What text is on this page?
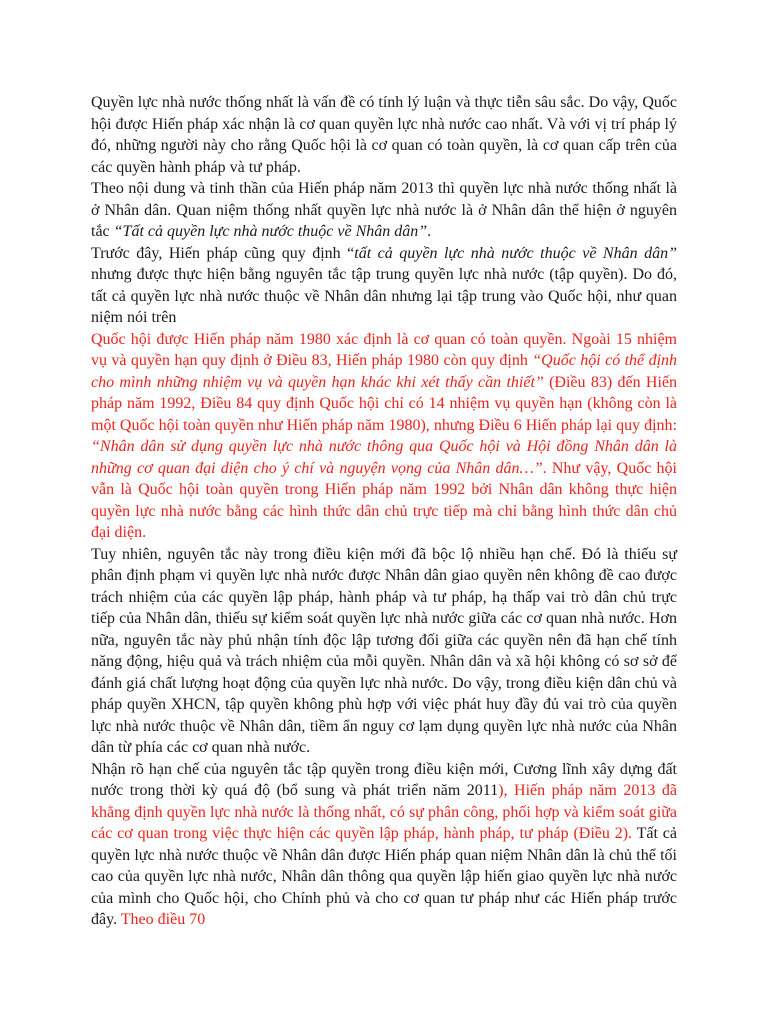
Quyền lực nhà nước thống nhất là vấn đề có tính lý luận và thực tiễn sâu sắc. Do vậy, Quốc hội được Hiến pháp xác nhận là cơ quan quyền lực nhà nước cao nhất. Và với vị trí pháp lý đó, những người này cho rằng Quốc hội là cơ quan có toàn quyền, là cơ quan cấp trên của các quyền hành pháp và tư pháp.

Theo nội dung và tinh thần của Hiến pháp năm 2013 thì quyền lực nhà nước thống nhất là ở Nhân dân. Quan niệm thống nhất quyền lực nhà nước là ở Nhân dân thể hiện ở nguyên tắc “Tất cả quyền lực nhà nước thuộc về Nhân dân”.

Trước đây, Hiến pháp cũng quy định “tất cả quyền lực nhà nước thuộc về Nhân dân” nhưng được thực hiện bằng nguyên tắc tập trung quyền lực nhà nước (tập quyền). Do đó, tất cả quyền lực nhà nước thuộc về Nhân dân nhưng lại tập trung vào Quốc hội, như quan niệm nói trên

Quốc hội được Hiến pháp năm 1980 xác định là cơ quan có toàn quyền. Ngoài 15 nhiệm vụ và quyền hạn quy định ở Điều 83, Hiến pháp 1980 còn quy định “Quốc hội có thể định cho mình những nhiệm vụ và quyền hạn khác khi xét thấy cần thiết” (Điều 83) đến Hiến pháp năm 1992, Điều 84 quy định Quốc hội chỉ có 14 nhiệm vụ quyền hạn (không còn là một Quốc hội toàn quyền như Hiến pháp năm 1980), nhưng Điều 6 Hiến pháp lại quy định: “Nhân dân sử dụng quyền lực nhà nước thông qua Quốc hội và Hội đồng Nhân dân là những cơ quan đại diện cho ý chí và nguyện vọng của Nhân dân…”. Như vậy, Quốc hội vẫn là Quốc hội toàn quyền trong Hiến pháp năm 1992 bởi Nhân dân không thực hiện quyền lực nhà nước bằng các hình thức dân chủ trực tiếp mà chỉ bằng hình thức dân chủ đại diện.

Tuy nhiên, nguyên tắc này trong điều kiện mới đã bộc lộ nhiều hạn chế. Đó là thiếu sự phân định phạm vi quyền lực nhà nước được Nhân dân giao quyền nên không đề cao được trách nhiệm của các quyền lập pháp, hành pháp và tư pháp, hạ thấp vai trò dân chủ trực tiếp của Nhân dân, thiếu sự kiểm soát quyền lực nhà nước giữa các cơ quan nhà nước. Hơn nữa, nguyên tắc này phủ nhận tính độc lập tương đối giữa các quyền nên đã hạn chế tính năng động, hiệu quả và trách nhiệm của mỗi quyền. Nhân dân và xã hội không có sơ sở để đánh giá chất lượng hoạt động của quyền lực nhà nước. Do vậy, trong điều kiện dân chủ và pháp quyền XHCN, tập quyền không phù hợp với việc phát huy đầy đủ vai trò của quyền lực nhà nước thuộc về Nhân dân, tiềm ẩn nguy cơ lạm dụng quyền lực nhà nước của Nhân dân từ phía các cơ quan nhà nước.

Nhận rõ hạn chế của nguyên tắc tập quyền trong điều kiện mới, Cương lĩnh xây dựng đất nước trong thời kỳ quá độ (bổ sung và phát triển năm 2011), Hiến pháp năm 2013 đã khẳng định quyền lực nhà nước là thống nhất, có sự phân công, phối hợp và kiểm soát giữa các cơ quan trong việc thực hiện các quyền lập pháp, hành pháp, tư pháp (Điều 2). Tất cả quyền lực nhà nước thuộc về Nhân dân được Hiến pháp quan niệm Nhân dân là chủ thể tối cao của quyền lực nhà nước, Nhân dân thông qua quyền lập hiến giao quyền lực nhà nước của mình cho Quốc hội, cho Chính phủ và cho cơ quan tư pháp như các Hiến pháp trước đây. Theo điều 70
